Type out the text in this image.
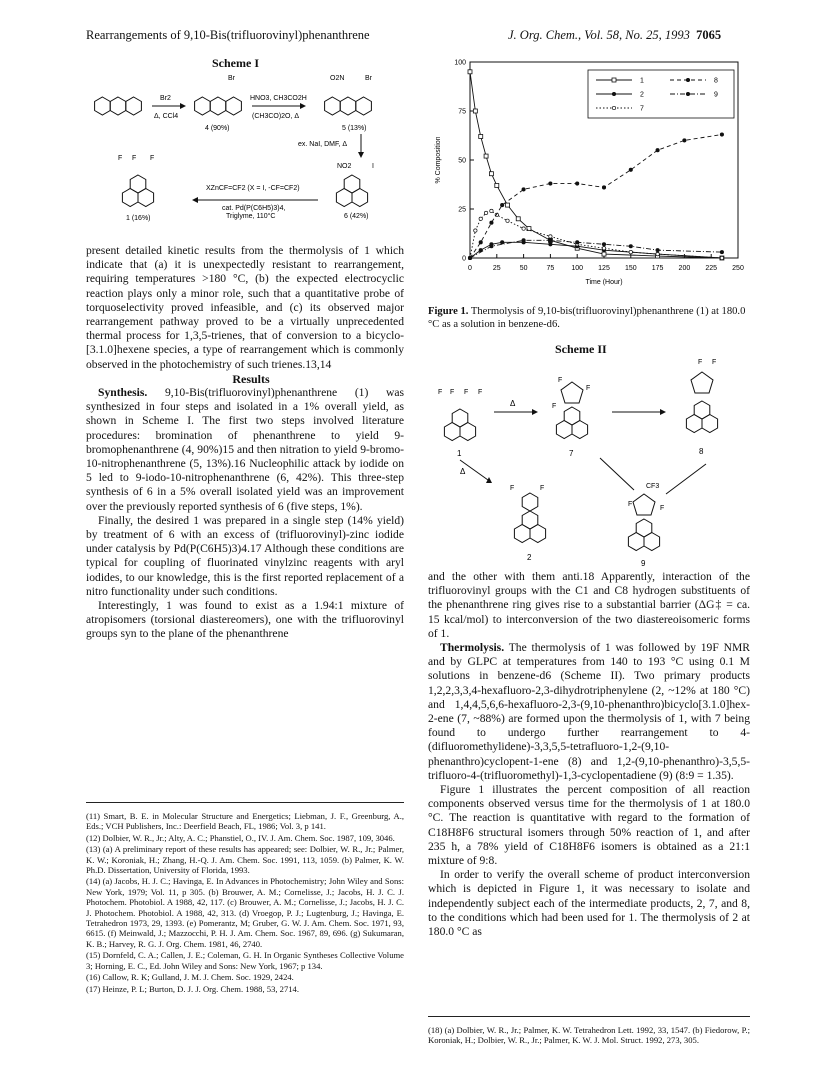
Rearrangements of 9,10-Bis(trifluorovinyl)phenanthrene	J. Org. Chem., Vol. 58, No. 25, 1993 7065
Scheme I
Br2
Δ, CCl4
Br
4 (90%)
HNO3, CH3CO2H
(CH3CO)2O, Δ
O2N	Br
5 (13%)
ex. NaI, DMF, Δ
NO2	I
6 (42%)
XZnCF=CF2 (X = I, -CF=CF2)
cat. Pd(P(C6H5)3)4,
Triglyme, 110°C
F F F
1 (16%)

present detailed kinetic results from the thermolysis of 1 which indicate that (a) it is unexpectedly resistant to rearrangement, requiring temperatures >180 °C, (b) the expected electrocyclic reaction plays only a minor role, such that a quantitative probe of torquoselectivity proved infeasible, and (c) its observed major rearrangement pathway proved to be a virtually unprecedented thermal process for 1,3,5-trienes, that of conversion to a bicyclo-[3.1.0]hexene species, a type of rearrangement which is commonly observed in the photochemistry of such trienes.13,14

Results

Synthesis. 9,10-Bis(trifluorovinyl)phenanthrene (1) was synthesized in four steps and isolated in a 1% overall yield, as shown in Scheme I. The first two steps involved literature procedures: bromination of phenanthrene to yield 9-bromophenanthrene (4, 90%)15 and then nitration to yield 9-bromo-10-nitrophenanthrene (5, 13%).16 Nucleophilic attack by iodide on 5 led to 9-iodo-10-nitrophenanthrene (6, 42%). This three-step synthesis of 6 in a 5% overall isolated yield was an improvement over the previously reported synthesis of 6 (five steps, 1%).

Finally, the desired 1 was prepared in a single step (14% yield) by treatment of 6 with an excess of (trifluorovinyl)-zinc iodide under catalysis by Pd(P(C6H5)3)4.17 Although these conditions are typical for coupling of fluorinated vinylzinc reagents with aryl iodides, to our knowledge, this is the first reported replacement of a nitro functionality under such conditions.

Interestingly, 1 was found to exist as a 1.94:1 mixture of atropisomers (torsional diastereomers), one with the trifluorovinyl groups syn to the plane of the phenanthrene

(11) Smart, B. E. in Molecular Structure and Energetics; Liebman, J. F., Greenburg, A., Eds.; VCH Publishers, Inc.: Deerfield Beach, FL, 1986; Vol. 3, p 141.

(12) Dolbier, W. R., Jr.; Alty, A. C.; Phanstiel, O., IV. J. Am. Chem. Soc. 1987, 109, 3046.

(13) (a) A preliminary report of these results has appeared; see: Dolbier, W. R., Jr.; Palmer, K. W.; Koroniak, H.; Zhang, H.-Q. J. Am. Chem. Soc. 1991, 113, 1059. (b) Palmer, K. W. Ph.D. Dissertation, University of Florida, 1993.

(14) (a) Jacobs, H. J. C.; Havinga, E. In Advances in Photochemistry; John Wiley and Sons: New York, 1979; Vol. 11, p 305. (b) Brouwer, A. M.; Cornelisse, J.; Jacobs, H. J. C. J. Photochem. Photobiol. A 1988, 42, 117. (c) Brouwer, A. M.; Cornelisse, J.; Jacobs, H. J. C. J. Photochem. Photobiol. A 1988, 42, 313. (d) Vroegop, P. J.; Lugtenburg, J.; Havinga, E. Tetrahedron 1973, 29, 1393. (e) Pomerantz, M; Gruber, G. W. J. Am. Chem. Soc. 1971, 93, 6615. (f) Meinwald, J.; Mazzocchi, P. H. J. Am. Chem. Soc. 1967, 89, 696. (g) Sukumaran, K. B.; Harvey, R. G. J. Org. Chem. 1981, 46, 2740.

(15) Dornfeld, C. A.; Callen, J. E.; Coleman, G. H. In Organic Syntheses Collective Volume 3; Horning, E. C., Ed. John Wiley and Sons: New York, 1967; p 134.

(16) Callow, R. K; Gulland, J. M. J. Chem. Soc. 1929, 2424.

(17) Heinze, P. L; Burton, D. J. J. Org. Chem. 1988, 53, 2714.

0	25	50	75 100 125 150 175 200 225 250
0
25
50
75
100
Time (Hour)
% Composition
1
2
7
8
9
Figure 1. Thermolysis of 9,10-bis(trifluorovinyl)phenanthrene (1) at 180.0 °C as a solution in benzene-d6.
Scheme II
F F F F
1
Δ
F
F
F
7
F F
8
Δ
F	F
2
CF3
F
F
9

and the other with them anti.18 Apparently, interaction of the trifluorovinyl groups with the C1 and C8 hydrogen substituents of the phenanthrene ring gives rise to a substantial barrier (ΔG‡ = ca. 15 kcal/mol) to interconversion of the two diastereoisomeric forms of 1.

Thermolysis. The thermolysis of 1 was followed by 19F NMR and by GLPC at temperatures from 140 to 193 °C using 0.1 M solutions in benzene-d6 (Scheme II). Two primary products 1,2,2,3,3,4-hexafluoro-2,3-dihydrotriphenylene (2, ~12% at 180 °C) and 1,4,4,5,6,6-hexafluoro-2,3-(9,10-phenanthro)bicyclo[3.1.0]hex-2-ene (7, ~88%) are formed upon the thermolysis of 1, with 7 being found to undergo further rearrangement to 4-(difluoromethylidene)-3,3,5,5-tetrafluoro-1,2-(9,10-phenanthro)cyclopent-1-ene (8) and 1,2-(9,10-phenanthro)-3,5,5-trifluoro-4-(trifluoromethyl)-1,3-cyclopentadiene (9) (8:9 = 1.35).

Figure 1 illustrates the percent composition of all reaction components observed versus time for the thermolysis of 1 at 180.0 °C. The reaction is quantitative with regard to the formation of C18H8F6 structural isomers through 50% reaction of 1, and after 235 h, a 78% yield of C18H8F6 isomers is obtained as a 21:1 mixture of 9:8.

In order to verify the overall scheme of product interconversion which is depicted in Figure 1, it was necessary to isolate and independently subject each of the intermediate products, 2, 7, and 8, to the conditions which had been used for 1. The thermolysis of 2 at 180.0 °C as

(18) (a) Dolbier, W. R., Jr.; Palmer, K. W. Tetrahedron Lett. 1992, 33, 1547. (b) Fiedorow, P.; Koroniak, H.; Dolbier, W. R., Jr.; Palmer, K. W. J. Mol. Struct. 1992, 273, 305.
